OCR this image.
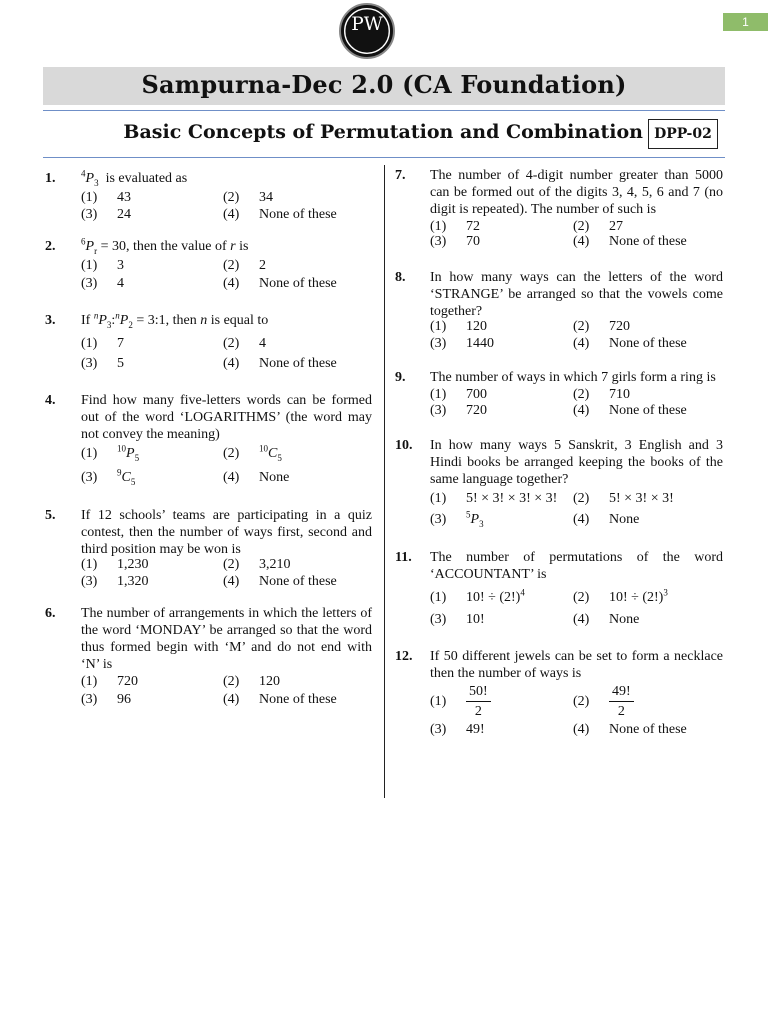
1
PW
Sampurna-Dec 2.0 (CA Foundation)
Basic Concepts of Permutation and Combination DPP-02
1.	$^4P_3$ is evaluated as
(1) 43	(2) 34
(3) 24	(4) None of these
2.	$^6P_r = 30$, then the value of r is
(1) 3	(2) 2
(3) 4	(4) None of these
3. If $^nP_3:^nP_2$ = 3:1, then n is equal to
(1) 7	(2) 4
(3) 5	(4) None of these
4. Find how many five-letters words can be formed out of the word ‘LOGARITHMS’ (the word may not convey the meaning)
(1) $^{10}P_5$	(2) $^{10}C_5$
(3) $^9C_5$	(4) None
5. If 12 schools’ teams are participating in a quiz contest, then the number of ways first, second and third position may be won is
(1) 1,230	(2) 3,210
(3) 1,320	(4) None of these
6. The number of arrangements in which the letters of the word ‘MONDAY’ be arranged so that the word thus formed begin with ‘M’ and do not end with ‘N’ is
(1) 720	(2) 120
(3) 96	(4) None of these
7. The number of 4-digit number greater than 5000 can be formed out of the digits 3, 4, 5, 6 and 7 (no digit is repeated). The number of such is
(1) 72	(2) 27
(3) 70	(4) None of these
8. In how many ways can the letters of the word ‘STRANGE’ be arranged so that the vowels come together?
(1) 120	(2) 720
(3) 1440	(4) None of these
9. The number of ways in which 7 girls form a ring is
(1) 700	(2) 710
(3) 720	(4) None of these
10. In how many ways 5 Sanskrit, 3 English and 3 Hindi books be arranged keeping the books of the same language together?
(1) 5! × 3! × 3! × 3! (2) 5! × 3! × 3!
(3) $^5P_3$	(4) None
11. The number of permutations of the word ‘ACCOUNTANT’ is
(1) 10! ÷ $(2!)^4$	(2) 10! ÷ $(2!)^3$
(3) 10!	(4) None
12. If 50 different jewels can be set to form a necklace then the number of ways is
$(1) \frac{50!}{2}$	$(2) \frac{49!}{2}$
(3) 49!	(4) None of these
